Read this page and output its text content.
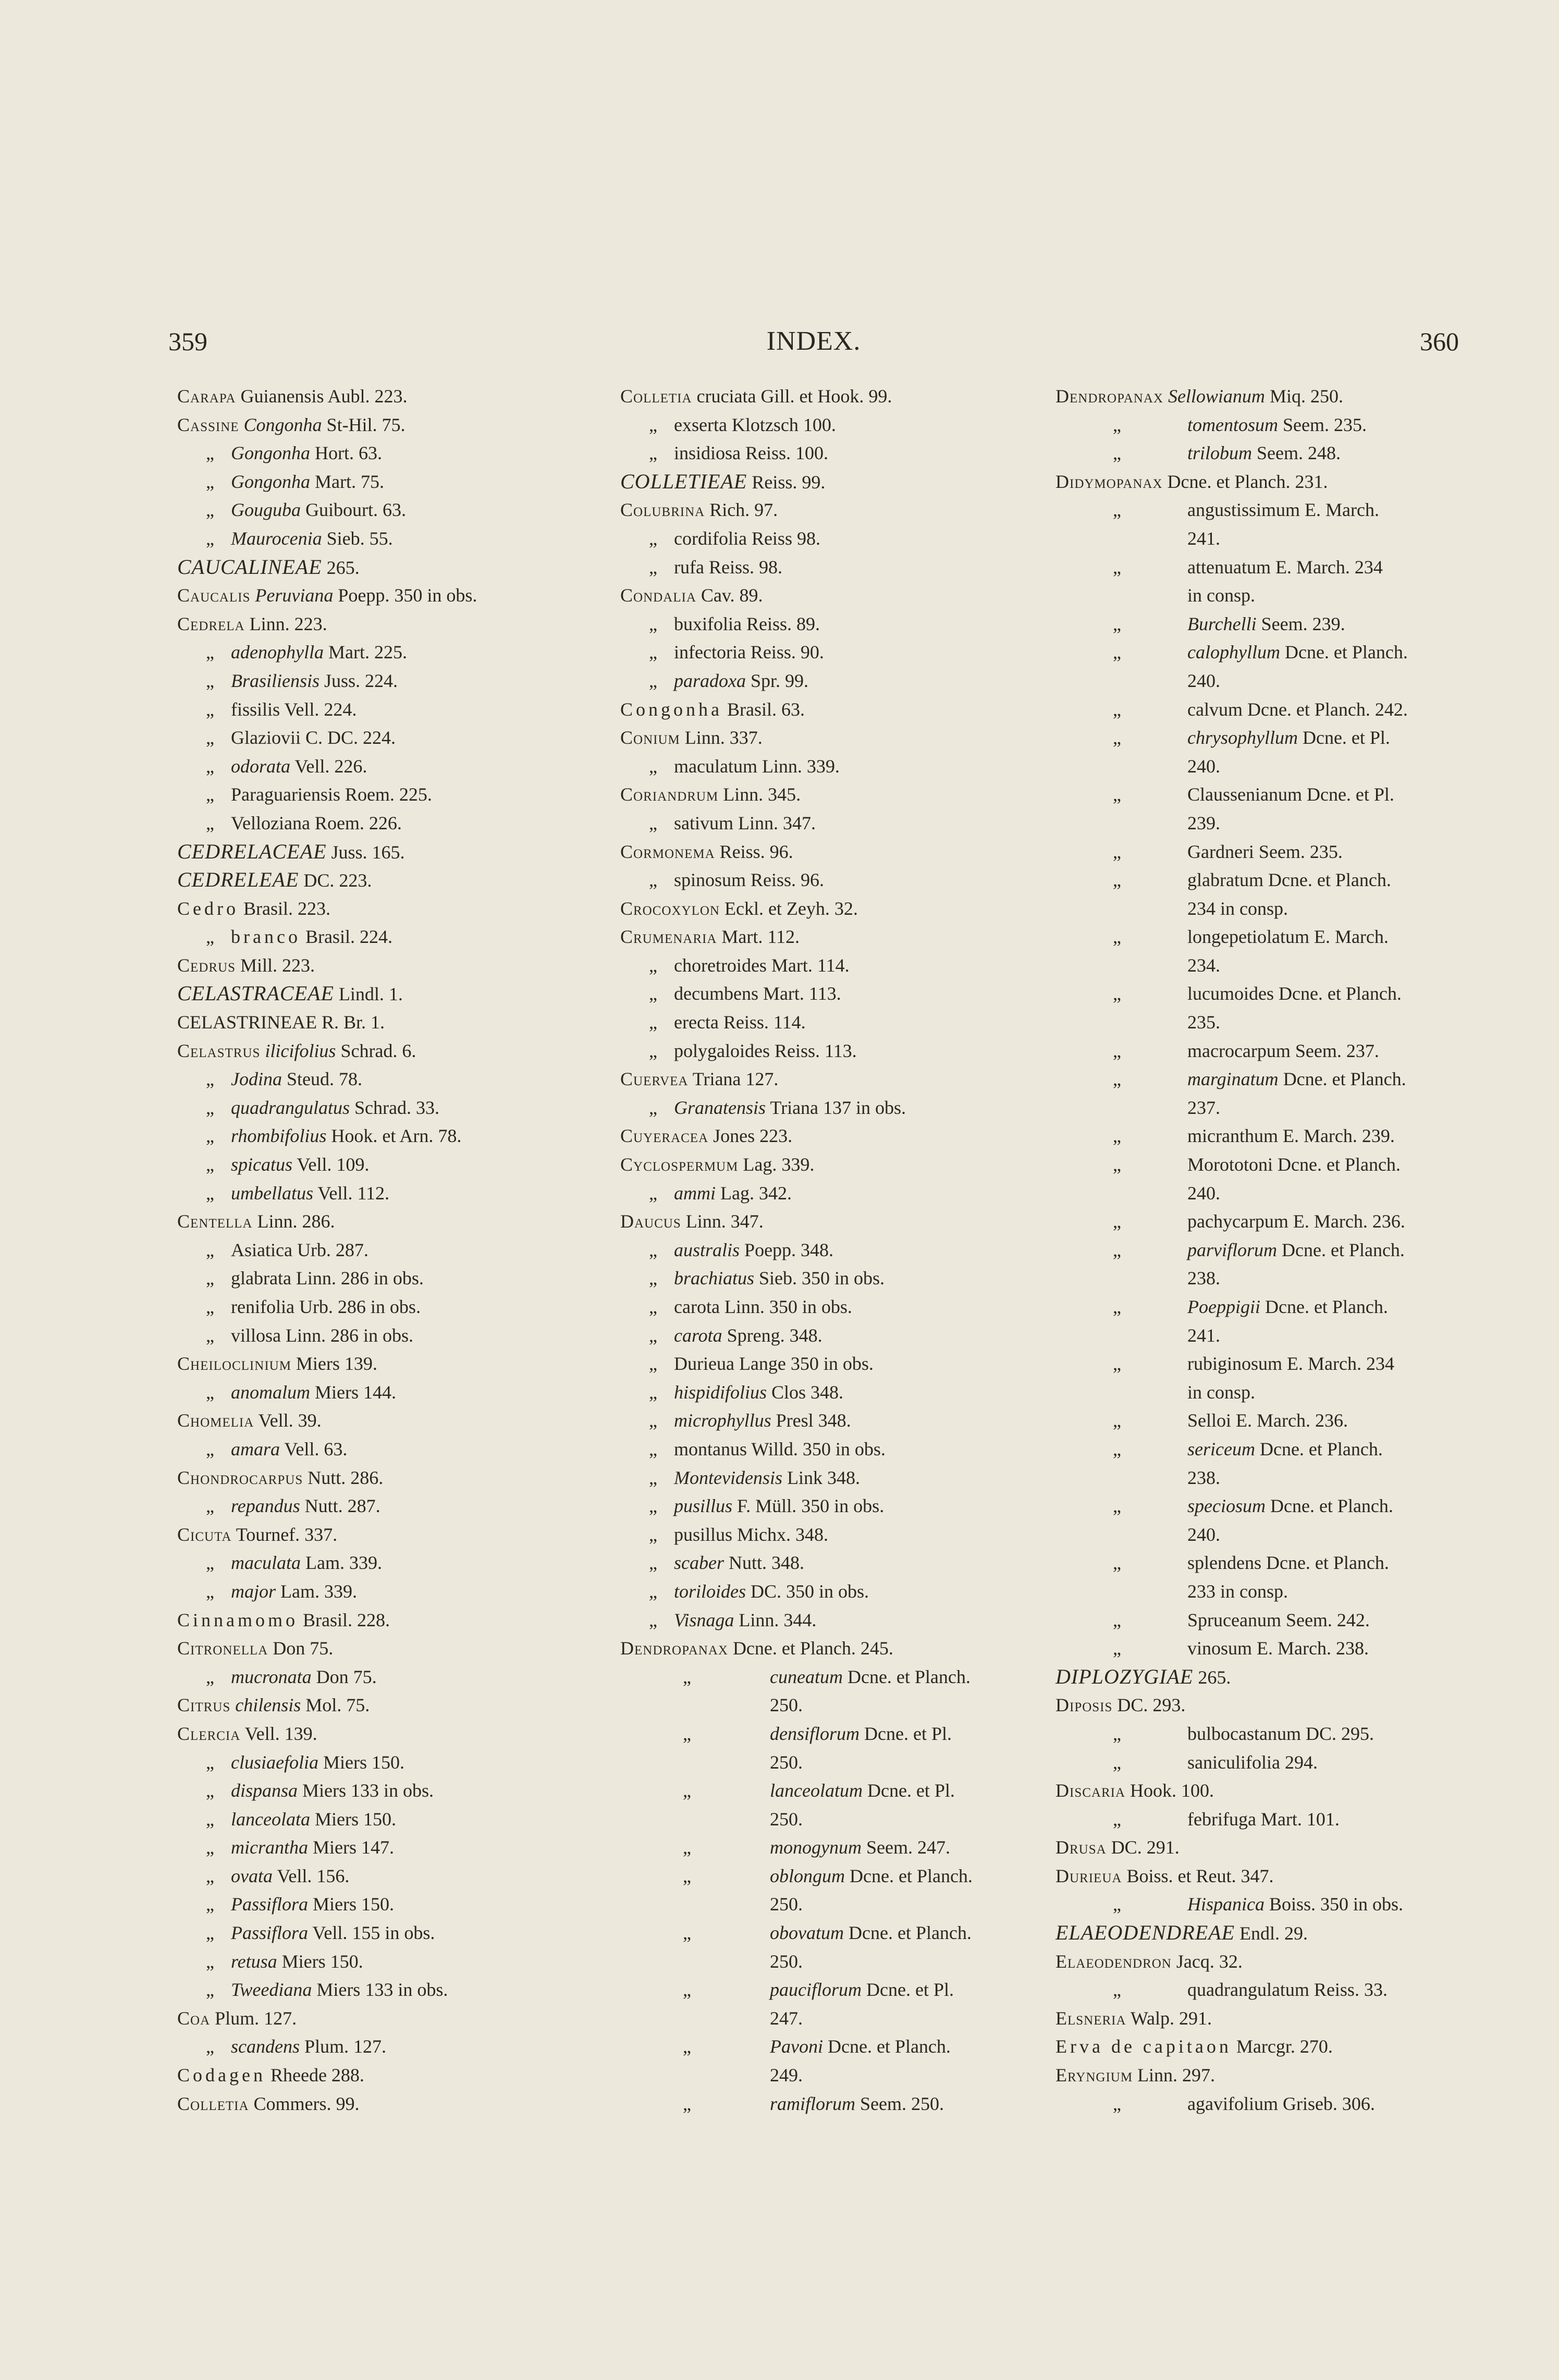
359	INDEX.	360
Carapa Guianensis Aubl. 223.
Cassine Congonha St-Hil. 75.
„ Gongonha Hort. 63.
„ Gongonha Mart. 75.
„ Gouguba Guibourt. 63.
„ Maurocenia Sieb. 55.
CAUCALINEAE 265.
Caucalis Peruviana Poepp. 350 in obs.
Cedrela Linn. 223.
„ adenophylla Mart. 225.
„ Brasiliensis Juss. 224.
„ fissilis Vell. 224.
„ Glaziovii C. DC. 224.
„ odorata Vell. 226.
„ Paraguariensis Roem. 225.
„ Velloziana Roem. 226.
CEDRELACEAE Juss. 165.
CEDRELEAE DC. 223.
Cedro Brasil. 223.
„ branco Brasil. 224.
Cedrus Mill. 223.
CELASTRACEAE Lindl. 1.
CELASTRINEAE R. Br. 1.
Celastrus ilicifolius Schrad. 6.
„ Jodina Steud. 78.
„ quadrangulatus Schrad. 33.
„ rhombifolius Hook. et Arn. 78.
„ spicatus Vell. 109.
„ umbellatus Vell. 112.
Centella Linn. 286.
„ Asiatica Urb. 287.
„ glabrata Linn. 286 in obs.
„ renifolia Urb. 286 in obs.
„ villosa Linn. 286 in obs.
Cheiloclinium Miers 139.
„ anomalum Miers 144.
Chomelia Vell. 39.
„ amara Vell. 63.
Chondrocarpus Nutt. 286.
„ repandus Nutt. 287.
Cicuta Tournef. 337.
„ maculata Lam. 339.
„ major Lam. 339.
Cinnamomo Brasil. 228.
Citronella Don 75.
„ mucronata Don 75.
Citrus chilensis Mol. 75.
Clercia Vell. 139.
„ clusiaefolia Miers 150.
„ dispansa Miers 133 in obs.
„ lanceolata Miers 150.
„ micrantha Miers 147.
„ ovata Vell. 156.
„ Passiflora Miers 150.
„ Passiflora Vell. 155 in obs.
„ retusa Miers 150.
„ Tweediana Miers 133 in obs.
Coa Plum. 127.
„ scandens Plum. 127.
Codagen Rheede 288.
Colletia Commers. 99.
Colletia cruciata Gill. et Hook. 99.
„ exserta Klotzsch 100.
„ insidiosa Reiss. 100.
COLLETIEAE Reiss. 99.
Colubrina Rich. 97.
„ cordifolia Reiss 98.
„ rufa Reiss. 98.
Condalia Cav. 89.
„ buxifolia Reiss. 89.
„ infectoria Reiss. 90.
„ paradoxa Spr. 99.
Congonha Brasil. 63.
Conium Linn. 337.
„ maculatum Linn. 339.
Coriandrum Linn. 345.
„ sativum Linn. 347.
Cormonema Reiss. 96.
„ spinosum Reiss. 96.
Crocoxylon Eckl. et Zeyh. 32.
Crumenaria Mart. 112.
„ choretroides Mart. 114.
„ decumbens Mart. 113.
„ erecta Reiss. 114.
„ polygaloides Reiss. 113.
Cuervea Triana 127.
„ Granatensis Triana 137 in obs.
Cuyeracea Jones 223.
Cyclospermum Lag. 339.
„ ammi Lag. 342.
Daucus Linn. 347.
„ australis Poepp. 348.
„ brachiatus Sieb. 350 in obs.
„ carota Linn. 350 in obs.
„ carota Spreng. 348.
„ Durieua Lange 350 in obs.
„ hispidifolius Clos 348.
„ microphyllus Presl 348.
„ montanus Willd. 350 in obs.
„ Montevidensis Link 348.
„ pusillus F. Müll. 350 in obs.
„ pusillus Michx. 348.
„ scaber Nutt. 348.
„ toriloides DC. 350 in obs.
„ Visnaga Linn. 344.
Dendropanax Dcne. et Planch. 245.
„	cuneatum Dcne. et Planch.
250.
„	densiflorum Dcne. et Pl.
250.
„	lanceolatum Dcne. et Pl.
250.
„	monogynum Seem. 247.
„	oblongum Dcne. et Planch.
250.
„	obovatum Dcne. et Planch.
250.
„	pauciflorum Dcne. et Pl.
247.
„	Pavoni Dcne. et Planch.
249.
„	ramiflorum Seem. 250.
Dendropanax Sellowianum Miq. 250.
„	tomentosum Seem. 235.
„	trilobum Seem. 248.
Didymopanax Dcne. et Planch. 231.
„	angustissimum E. March.
241.
„	attenuatum E. March. 234
in consp.
„	Burchelli Seem. 239.
„	calophyllum Dcne. et Planch.
240.
„	calvum Dcne. et Planch. 242.
„	chrysophyllum Dcne. et Pl.
240.
„	Claussenianum Dcne. et Pl.
239.
„	Gardneri Seem. 235.
„	glabratum Dcne. et Planch.
234 in consp.
„	longepetiolatum E. March.
234.
„	lucumoides Dcne. et Planch.
235.
„	macrocarpum Seem. 237.
„	marginatum Dcne. et Planch.
237.
„	micranthum E. March. 239.
„	Morototoni Dcne. et Planch.
240.
„	pachycarpum E. March. 236.
„	parviflorum Dcne. et Planch.
238.
„	Poeppigii Dcne. et Planch.
241.
„	rubiginosum E. March. 234
in consp.
„	Selloi E. March. 236.
„	sericeum Dcne. et Planch.
238.
„	speciosum Dcne. et Planch.
240.
„	splendens Dcne. et Planch.
233 in consp.
„	Spruceanum Seem. 242.
„	vinosum E. March. 238.
DIPLOZYGIAE 265.
Diposis DC. 293.
„	bulbocastanum DC. 295.
„	saniculifolia 294.
Discaria Hook. 100.
„	febrifuga Mart. 101.
Drusa DC. 291.
Durieua Boiss. et Reut. 347.
„	Hispanica Boiss. 350 in obs.
ELAEODENDREAE Endl. 29.
Elaeodendron Jacq. 32.
„	quadrangulatum Reiss. 33.
Elsneria Walp. 291.
Erva de capitaon Marcgr. 270.
Eryngium Linn. 297.
„	agavifolium Griseb. 306.
